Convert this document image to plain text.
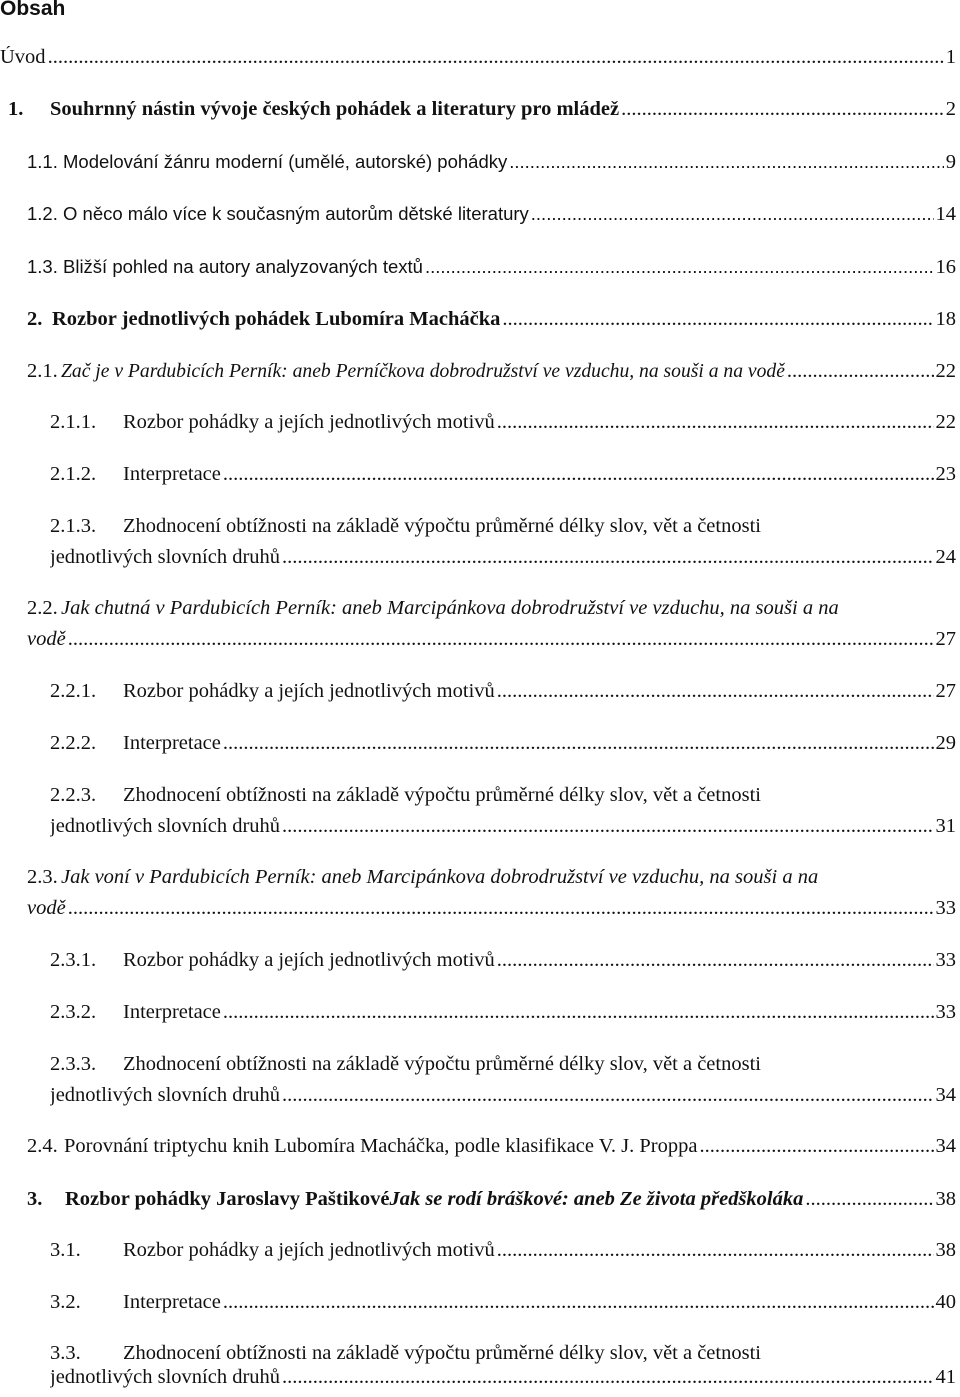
Obsah
Úvod .....	1
1.	Souhrnný nástin vývoje českých pohádek a literatury pro mládež .....	2
1.1. Modelování žánru moderní (umělé, autorské) pohádky .....	9
1.2. O něco málo více k současným autorům dětské literatury .....	14
1.3. Bližší pohled na autory analyzovaných textů .....	16
2. Rozbor jednotlivých pohádek Lubomíra Macháčka .....	18
2.1. Zač je v Pardubicích Perník: aneb Perníčkova dobrodružství ve vzduchu, na souši a na vodě .....	22
2.1.1.	Rozbor pohádky a jejích jednotlivých motivů .....	22
2.1.2.	Interpretace .....	23
2.1.3. Zhodnocení obtížnosti na základě výpočtu průměrné délky slov, vět a četnosti
jednotlivých slovních druhů .....	24
2.2. Jak chutná v Pardubicích Perník: aneb Marcipánkova dobrodružství ve vzduchu, na souši a na
vodě .....	27
2.2.1.	Rozbor pohádky a jejích jednotlivých motivů .....	27
2.2.2.	Interpretace .....	29
2.2.3. Zhodnocení obtížnosti na základě výpočtu průměrné délky slov, vět a četnosti
jednotlivých slovních druhů .....	31
2.3. Jak voní v Pardubicích Perník: aneb Marcipánkova dobrodružství ve vzduchu, na souši a na
vodě .....	33
2.3.1.	Rozbor pohádky a jejích jednotlivých motivů .....	33
2.3.2.	Interpretace .....	33
2.3.3. Zhodnocení obtížnosti na základě výpočtu průměrné délky slov, vět a četnosti
jednotlivých slovních druhů .....	34
2.4. Porovnání triptychu knih Lubomíra Macháčka, podle klasifikace V. J. Proppa .....	34
3.	Rozbor pohádky Jaroslavy Paštikové Jak se rodí bráškové: aneb Ze života předškoláka .....	38
3.1.	Rozbor pohádky a jejích jednotlivých motivů .....	38
3.2.	Interpretace .....	40
3.3. Zhodnocení obtížnosti na základě výpočtu průměrné délky slov, vět a četnosti
jednotlivých slovních druhů .....	41
